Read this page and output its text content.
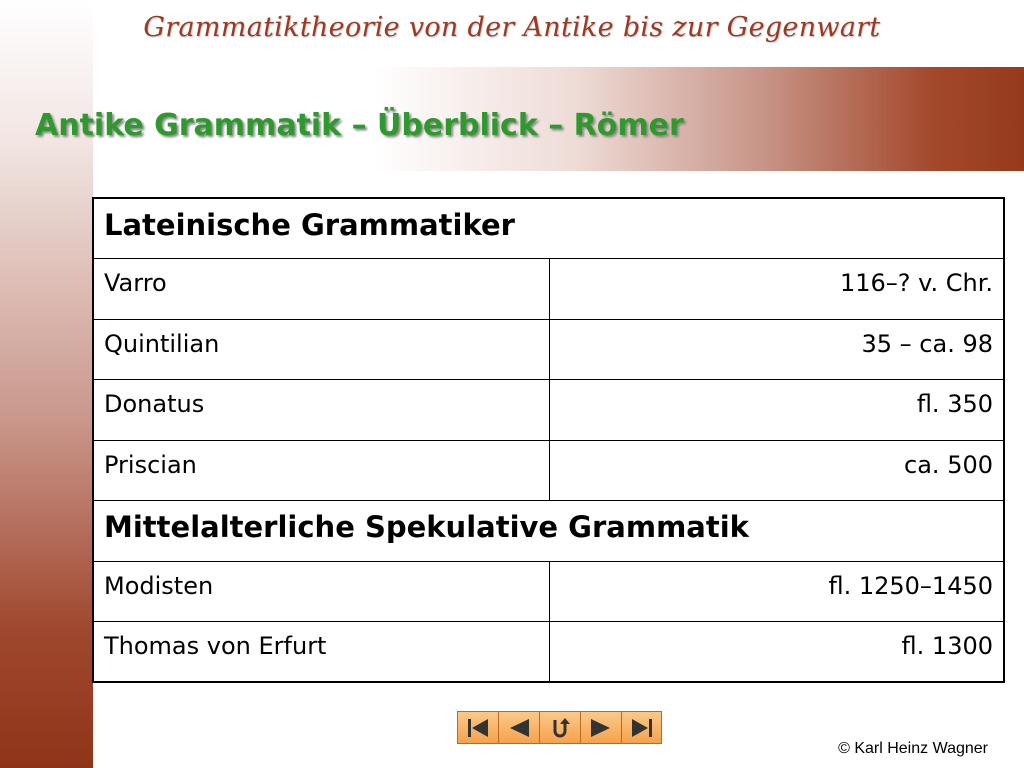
Grammatiktheorie von der Antike bis zur Gegenwart
Antike Grammatik – Überblick – Römer
Lateinische Grammatiker	
Varro	116–? v. Chr.
Quintilian	35 – ca. 98
Donatus	fl. 350
Priscian	ca. 500
Mittelalterliche Spekulative Grammatik	
Modisten	fl. 1250–1450
Thomas von Erfurt	fl. 1300
© Karl Heinz Wagner
